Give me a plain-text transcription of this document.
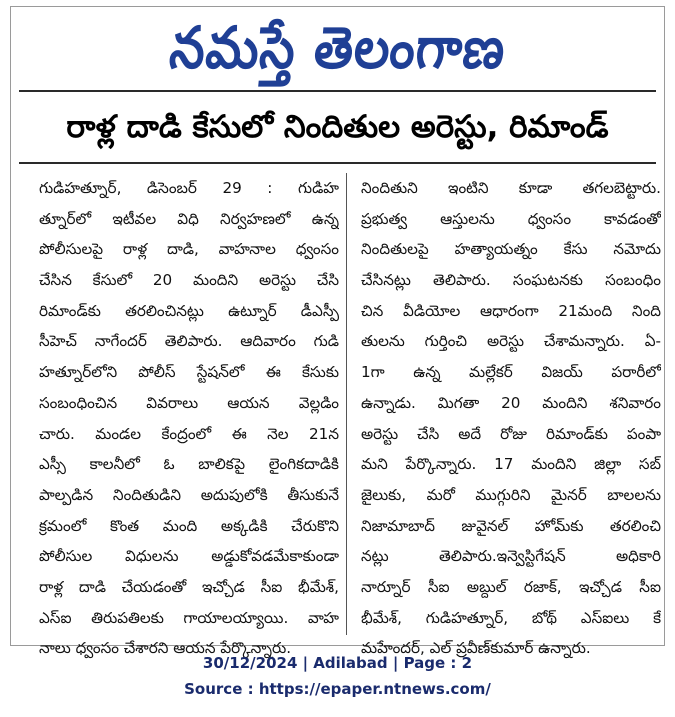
నమస్తే తెలంగాణ
రాళ్ల దాడి కేసులో నిందితుల అరెస్టు, రిమాండ్
గుడిహత్నూర్, డిసెంబర్ 29 : గుడిహ
త్నూర్‌లో ఇటీవల విధి నిర్వహణలో ఉన్న
పోలీసులపై రాళ్ల దాడి, వాహనాల ధ్వంసం
చేసిన కేసులో 20 మందిని అరెస్టు చేసి
రిమాండ్‌కు తరలించినట్లు ఉట్నూర్ డీఎస్పీ
సీహెచ్ నాగేందర్ తెలిపారు. ఆదివారం గుడి
హత్నూర్‌లోని పోలీస్ స్టేషన్‌లో ఈ కేసుకు
సంబంధించిన వివరాలు ఆయన వెల్లడిం
చారు. మండల కేంద్రంలో ఈ నెల 21న
ఎస్సీ కాలనీలో ఓ బాలికపై లైంగికదాడికి
పాల్పడిన నిందితుడిని అదుపులోకి తీసుకునే
క్రమంలో కొంత మంది అక్కడికి చేరుకొని
పోలీసుల విధులను అడ్డుకోవడమేకాకుండా
రాళ్ల దాడి చేయడంతో ఇచ్చోడ సీఐ భీమేశ్,
ఎస్ఐ తిరుపతిలకు గాయాలయ్యాయి. వాహ
నాలు ధ్వంసం చేశారని ఆయన పేర్కొన్నారు.
నిందితుని ఇంటిని కూడా తగలబెట్టారు.
ప్రభుత్వ ఆస్తులను ధ్వంసం కావడంతో
నిందితులపై హత్యాయత్నం కేసు నమోదు
చేసినట్లు తెలిపారు. సంఘటనకు సంబంధిం
చిన వీడియోల ఆధారంగా 21మంది నింది
తులను గుర్తించి అరెస్టు చేశామన్నారు. ఏ-
1గా ఉన్న మల్లేకర్ విజయ్ పరారీలో
ఉన్నాడు. మిగతా 20 మందిని శనివారం
అరెస్టు చేసి అదే రోజు రిమాండ్‌కు పంపా
మని పేర్కొన్నారు. 17 మందిని జిల్లా సబ్
జైలుకు, మరో ముగ్గురిని మైనర్ బాలలను
నిజామాబాద్ జువైనల్ హోమ్‌కు తరలించి
నట్లు తెలిపారు.ఇన్వెస్టిగేషన్ అధికారి
నార్నూర్ సీఐ అబ్దుల్ రజాక్, ఇచ్చోడ సీఐ
భీమేశ్, గుడిహత్నూర్, బోథ్ ఎస్ఐలు కే
మహేందర్, ఎల్ ప్రవీణ్‌కుమార్ ఉన్నారు.
30/12/2024 | Adilabad | Page : 2
Source : https://epaper.ntnews.com/
